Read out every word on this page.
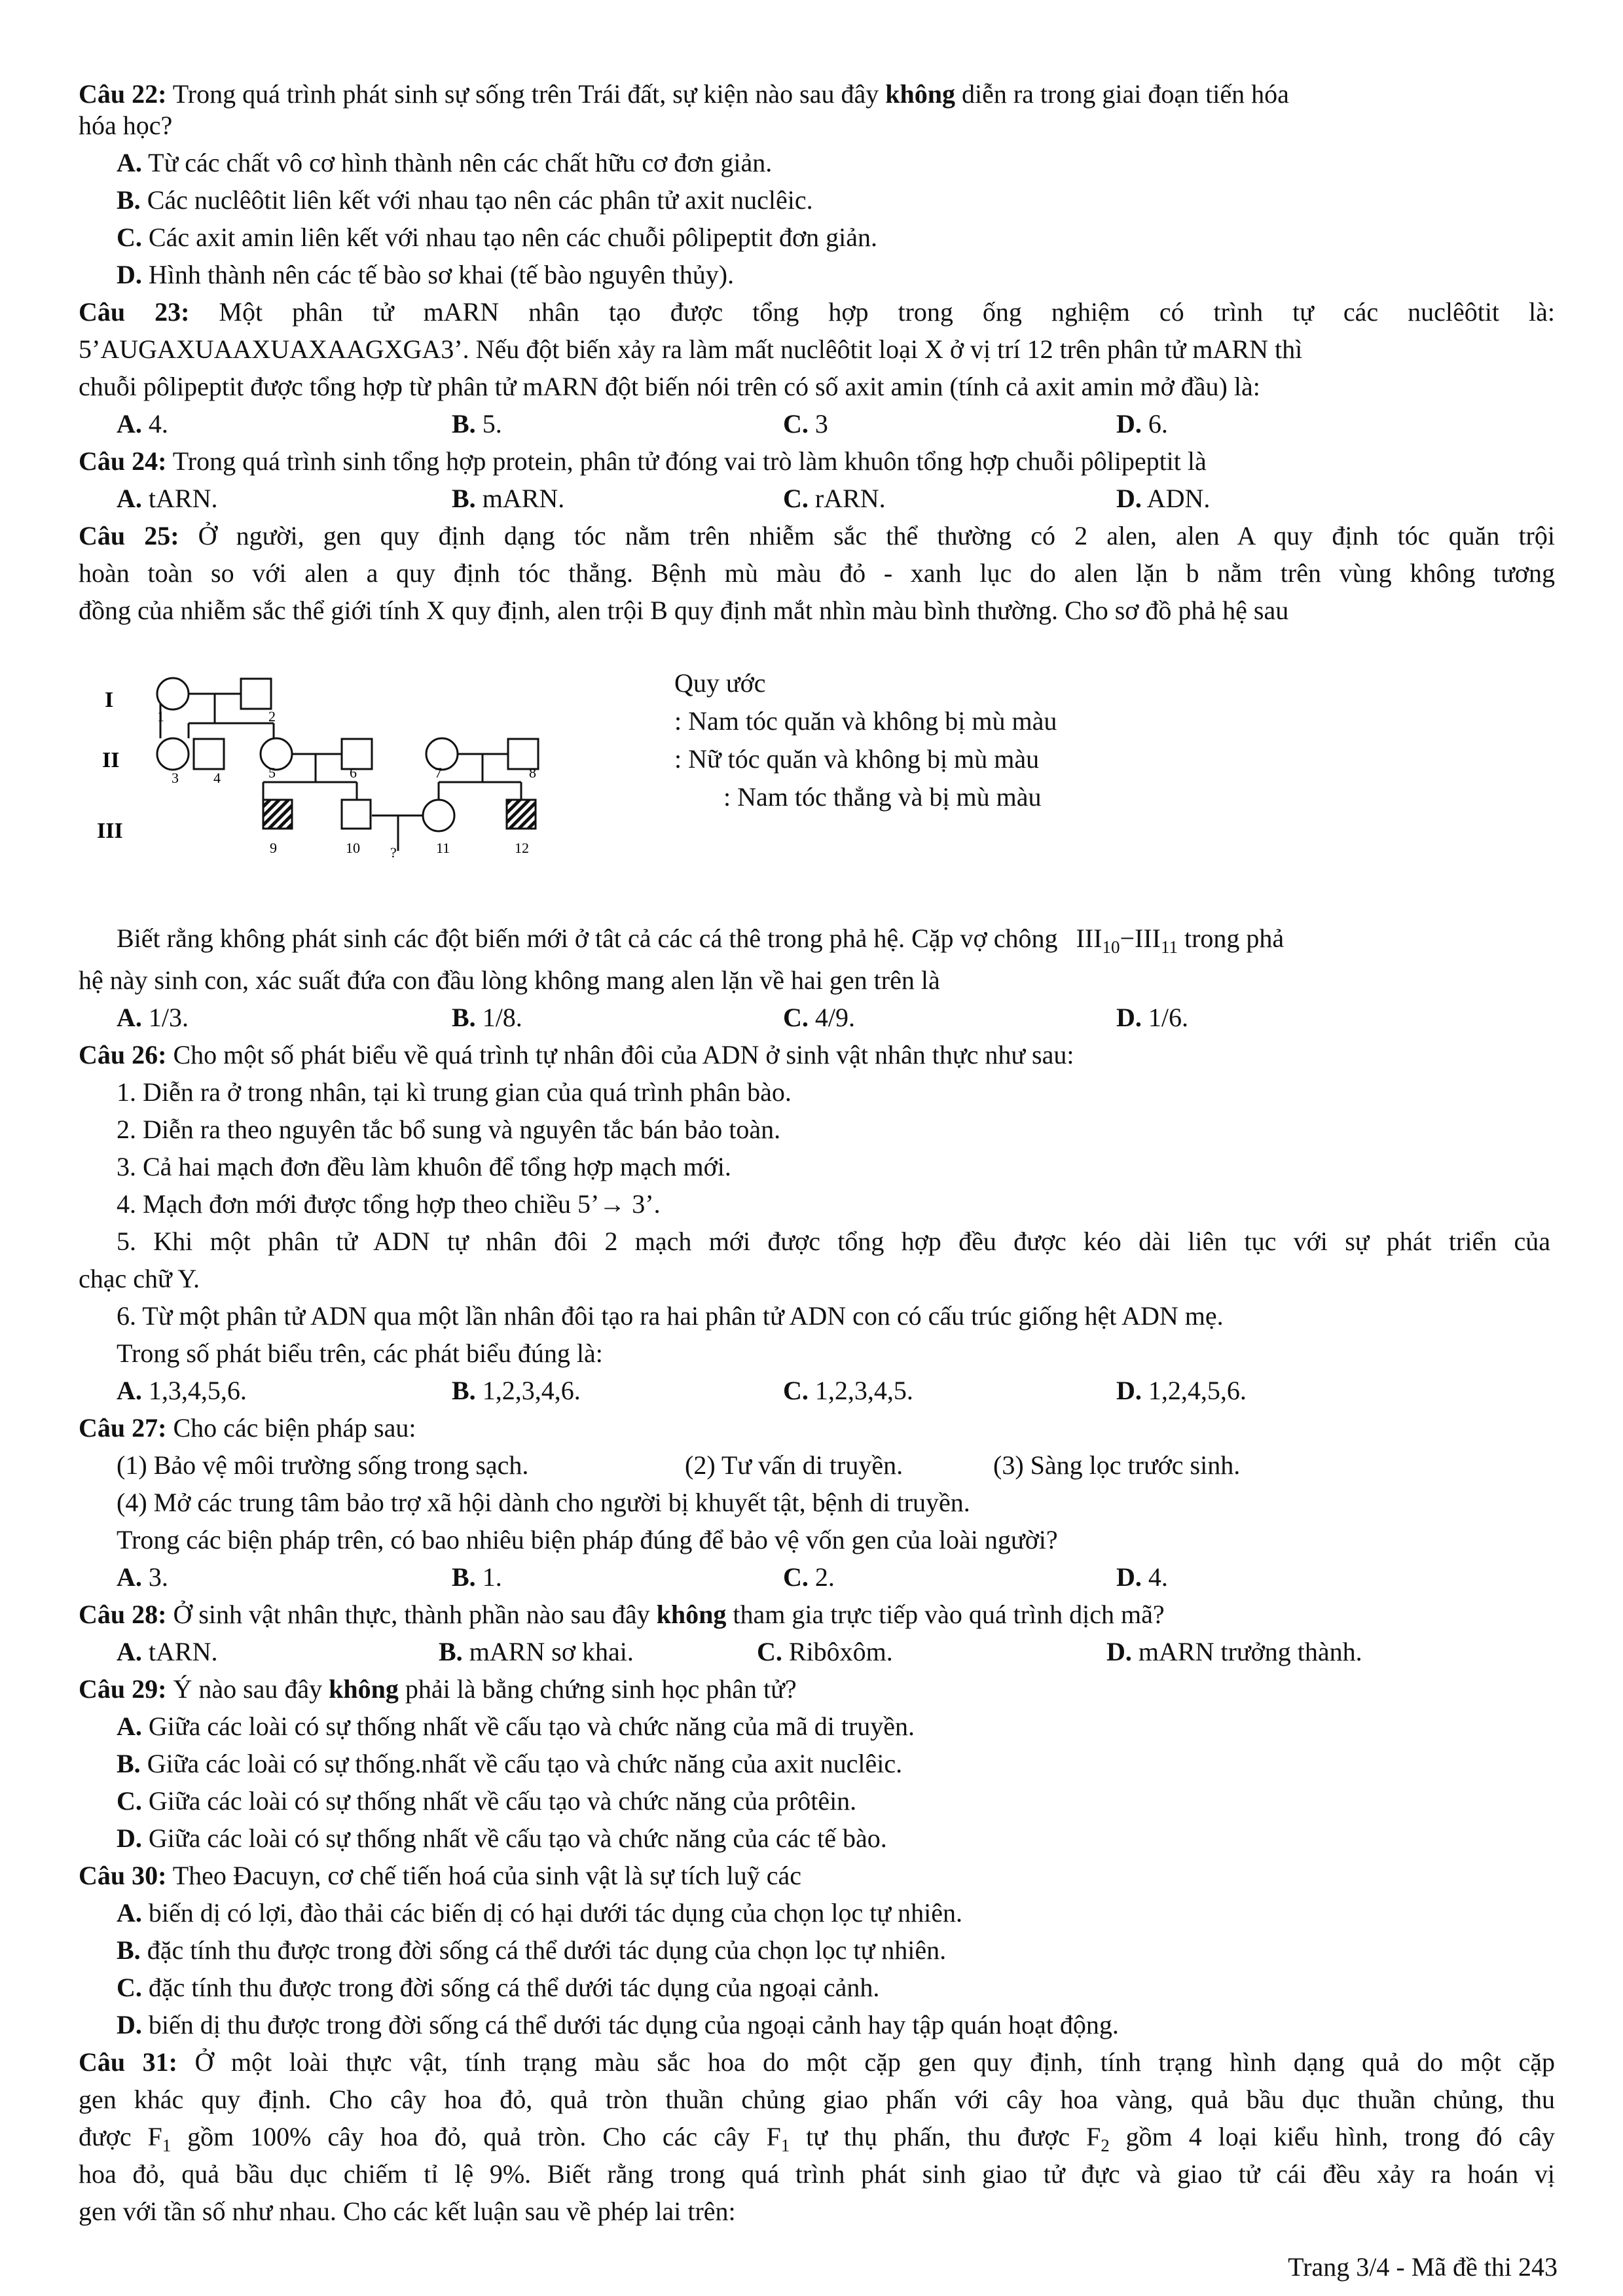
Câu 22: Trong quá trình phát sinh sự sống trên Trái đất, sự kiện nào sau đây không diễn ra trong giai đoạn tiến hóa
hóa học?
A. Từ các chất vô cơ hình thành nên các chất hữu cơ đơn giản.
B. Các nuclêôtit liên kết với nhau tạo nên các phân tử axit nuclêic.
C. Các axit amin liên kết với nhau tạo nên các chuỗi pôlipeptit đơn giản.
D. Hình thành nên các tế bào sơ khai (tế bào nguyên thủy).
Câu 23: Một phân tử mARN nhân tạo được tổng hợp trong ống nghiệm có trình tự các nuclêôtit là:
5’AUGAXUAAXUAXAAGXGA3’. Nếu đột biến xảy ra làm mất nuclêôtit loại X ở vị trí 12 trên phân tử mARN thì
chuỗi pôlipeptit được tổng hợp từ phân tử mARN đột biến nói trên có số axit amin (tính cả axit amin mở đầu) là:
A. 4.	B. 5.	C. 3	D. 6.
Câu 24: Trong quá trình sinh tổng hợp protein, phân tử đóng vai trò làm khuôn tổng hợp chuỗi pôlipeptit là
A. tARN.	B. mARN.	C. rARN.	D. ADN.
Câu 25: Ở người, gen quy định dạng tóc nằm trên nhiễm sắc thể thường có 2 alen, alen A quy định tóc quăn trội
hoàn toàn so với alen a quy định tóc thẳng. Bệnh mù màu đỏ - xanh lục do alen lặn b nằm trên vùng không tương
đồng của nhiễm sắc thể giới tính X quy định, alen trội B quy định mắt nhìn màu bình thường. Cho sơ đồ phả hệ sau
I
II
III
1	2
3 4	5	6	7	8
9	10 ?	11	12
Quy ước
: Nam tóc quăn và không bị mù màu
: Nữ tóc quăn và không bị mù màu
: Nam tóc thẳng và bị mù màu
Biết rằng không phát sinh các đột biến mới ở tât cả các cá thê trong phả hệ. Cặp vợ chông $III_{10}-III_{11}$ trong phả
hệ này sinh con, xác suất đứa con đầu lòng không mang alen lặn về hai gen trên là
A. 1/3.	B. 1/8.	C. 4/9.	D. 1/6.
Câu 26: Cho một số phát biểu về quá trình tự nhân đôi của ADN ở sinh vật nhân thực như sau:
1. Diễn ra ở trong nhân, tại kì trung gian của quá trình phân bào.
2. Diễn ra theo nguyên tắc bổ sung và nguyên tắc bán bảo toàn.
3. Cả hai mạch đơn đều làm khuôn để tổng hợp mạch mới.
4. Mạch đơn mới được tổng hợp theo chiều 5’→ 3’.
5. Khi một phân tử ADN tự nhân đôi 2 mạch mới được tổng hợp đều được kéo dài liên tục với sự phát triển của
chạc chữ Y.
6. Từ một phân tử ADN qua một lần nhân đôi tạo ra hai phân tử ADN con có cấu trúc giống hệt ADN mẹ.
Trong số phát biểu trên, các phát biểu đúng là:
A. 1,3,4,5,6.	B. 1,2,3,4,6.	C. 1,2,3,4,5.	D. 1,2,4,5,6.
Câu 27: Cho các biện pháp sau:
(1) Bảo vệ môi trường sống trong sạch.	(2) Tư vấn di truyền.	(3) Sàng lọc trước sinh.
(4) Mở các trung tâm bảo trợ xã hội dành cho người bị khuyết tật, bệnh di truyền.
Trong các biện pháp trên, có bao nhiêu biện pháp đúng để bảo vệ vốn gen của loài người?
A. 3.	B. 1.	C. 2.	D. 4.
Câu 28: Ở sinh vật nhân thực, thành phần nào sau đây không tham gia trực tiếp vào quá trình dịch mã?
A. tARN.	B. mARN sơ khai.	C. Ribôxôm.	D. mARN trưởng thành.
Câu 29: Ý nào sau đây không phải là bằng chứng sinh học phân tử?
A. Giữa các loài có sự thống nhất về cấu tạo và chức năng của mã di truyền.
B. Giữa các loài có sự thống.nhất về cấu tạo và chức năng của axit nuclêic.
C. Giữa các loài có sự thống nhất về cấu tạo và chức năng của prôtêin.
D. Giữa các loài có sự thống nhất về cấu tạo và chức năng của các tế bào.
Câu 30: Theo Đacuyn, cơ chế tiến hoá của sinh vật là sự tích luỹ các
A. biến dị có lợi, đào thải các biến dị có hại dưới tác dụng của chọn lọc tự nhiên.
B. đặc tính thu được trong đời sống cá thể dưới tác dụng của chọn lọc tự nhiên.
C. đặc tính thu được trong đời sống cá thể dưới tác dụng của ngoại cảnh.
D. biến dị thu được trong đời sống cá thể dưới tác dụng của ngoại cảnh hay tập quán hoạt động.
Câu 31: Ở một loài thực vật, tính trạng màu sắc hoa do một cặp gen quy định, tính trạng hình dạng quả do một cặp
gen khác quy định. Cho cây hoa đỏ, quả tròn thuần chủng giao phấn với cây hoa vàng, quả bầu dục thuần chủng, thu
được $F_1$ gồm 100% cây hoa đỏ, quả tròn. Cho các cây $F_1$ tự thụ phấn, thu được $F_2$ gồm 4 loại kiểu hình, trong đó cây
hoa đỏ, quả bầu dục chiếm tỉ lệ 9%. Biết rằng trong quá trình phát sinh giao tử đực và giao tử cái đều xảy ra hoán vị
gen với tần số như nhau. Cho các kết luận sau về phép lai trên:
Trang 3/4 - Mã đề thi 243
